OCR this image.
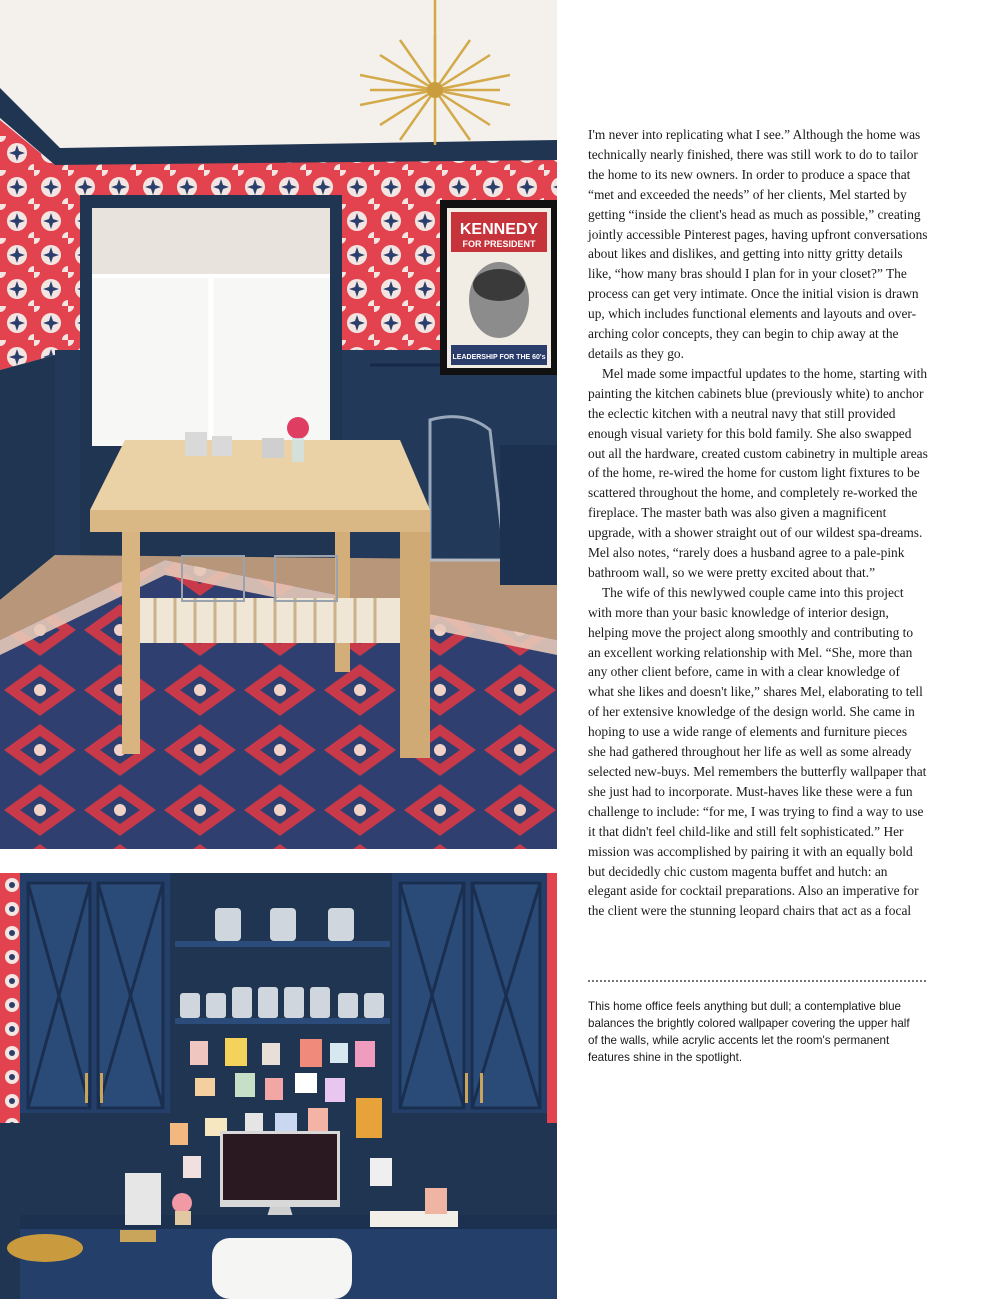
KENNEDY
FOR PRESIDENT
LEADERSHIP FOR THE 60's

I'm never into replicating what I see.” Although the home was technically nearly finished, there was still work to do to tailor the home to its new owners. In order to produce a space that “met and exceeded the needs” of her clients, Mel started by getting “inside the client's head as much as possible,” creating jointly accessible Pinterest pages, having upfront conversations about likes and dislikes, and getting into nitty gritty details like, “how many bras should I plan for in your closet?” The process can get very intimate. Once the initial vision is drawn up, which includes functional elements and layouts and over-arching color concepts, they can begin to chip away at the details as they go.

Mel made some impactful updates to the home, starting with painting the kitchen cabinets blue (previously white) to anchor the eclectic kitchen with a neutral navy that still provided enough visual variety for this bold family. She also swapped out all the hardware, created custom cabinetry in multiple areas of the home, re-wired the home for custom light fixtures to be scattered throughout the home, and completely re-worked the fireplace. The master bath was also given a magnificent upgrade, with a shower straight out of our wildest spa-dreams. Mel also notes, “rarely does a husband agree to a pale-pink bathroom wall, so we were pretty excited about that.”

The wife of this newlywed couple came into this project with more than your basic knowledge of interior design, helping move the project along smoothly and contributing to an excellent working relationship with Mel. “She, more than any other client before, came in with a clear knowledge of what she likes and doesn't like,” shares Mel, elaborating to tell of her extensive knowledge of the design world. She came in hoping to use a wide range of elements and furniture pieces she had gathered throughout her life as well as some already selected new-buys. Mel remembers the butterfly wallpaper that she just had to incorporate. Must-haves like these were a fun challenge to include: “for me, I was trying to find a way to use it that didn't feel child-like and still felt sophisticated.” Her mission was accomplished by pairing it with an equally bold but decidedly chic custom magenta buffet and hutch: an elegant aside for cocktail preparations. Also an imperative for the client were the stunning leopard chairs that act as a focal

This home office feels anything but dull; a contemplative blue balances the brightly colored wallpaper covering the upper half of the walls, while acrylic accents let the room's permanent features shine in the spotlight.
